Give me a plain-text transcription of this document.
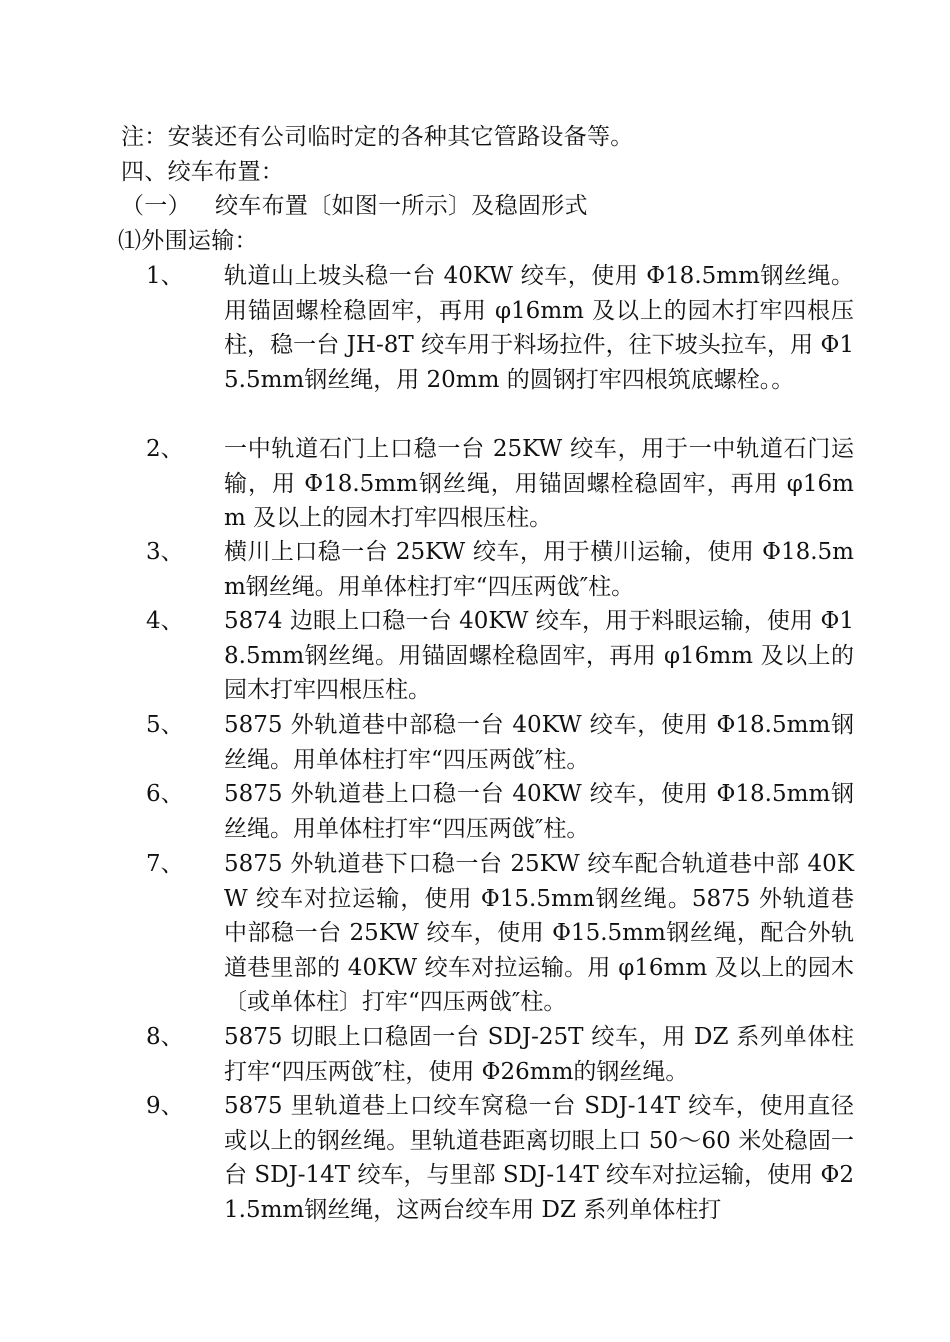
注：安装还有公司临时定的各种其它管路设备等。
四、绞车布置：
（一） 绞车布置〔如图一所示〕及稳固形式
⑴外围运输：
1、 轨道山上坡头稳一台 40KW 绞车，使用 Φ18.5mm钢丝绳。用锚固螺栓稳固牢，再用 φ16mm 及以上的园木打牢四根压柱，稳一台 JH-8T 绞车用于料场拉件，往下坡头拉车，用 Φ15.5mm钢丝绳，用 20mm 的圆钢打牢四根筑底螺栓。。
2、 一中轨道石门上口稳一台 25KW 绞车，用于一中轨道石门运输，用 Φ18.5mm钢丝绳，用锚固螺栓稳固牢，再用 φ16mm 及以上的园木打牢四根压柱。
3、 横川上口稳一台 25KW 绞车，用于横川运输，使用 Φ18.5mm钢丝绳。用单体柱打牢“四压两戗″柱。
4、 5874 边眼上口稳一台 40KW 绞车，用于料眼运输，使用 Φ18.5mm钢丝绳。用锚固螺栓稳固牢，再用 φ16mm 及以上的园木打牢四根压柱。
5、 5875 外轨道巷中部稳一台 40KW 绞车，使用 Φ18.5mm钢丝绳。用单体柱打牢“四压两戗″柱。
6、 5875 外轨道巷上口稳一台 40KW 绞车，使用 Φ18.5mm钢丝绳。用单体柱打牢“四压两戗″柱。
7、 5875 外轨道巷下口稳一台 25KW 绞车配合轨道巷中部 40KW 绞车对拉运输，使用 Φ15.5mm钢丝绳。5875 外轨道巷中部稳一台 25KW 绞车，使用 Φ15.5mm钢丝绳，配合外轨道巷里部的 40KW 绞车对拉运输。用 φ16mm 及以上的园木〔或单体柱〕打牢“四压两戗″柱。
8、 5875 切眼上口稳固一台 SDJ-25T 绞车，用 DZ 系列单体柱打牢“四压两戗″柱，使用 Φ26mm的钢丝绳。
9、 5875 里轨道巷上口绞车窝稳一台 SDJ-14T 绞车，使用直径或以上的钢丝绳。里轨道巷距离切眼上口 50～60 米处稳固一台 SDJ-14T 绞车，与里部 SDJ-14T 绞车对拉运输，使用 Φ21.5mm钢丝绳，这两台绞车用 DZ 系列单体柱打
